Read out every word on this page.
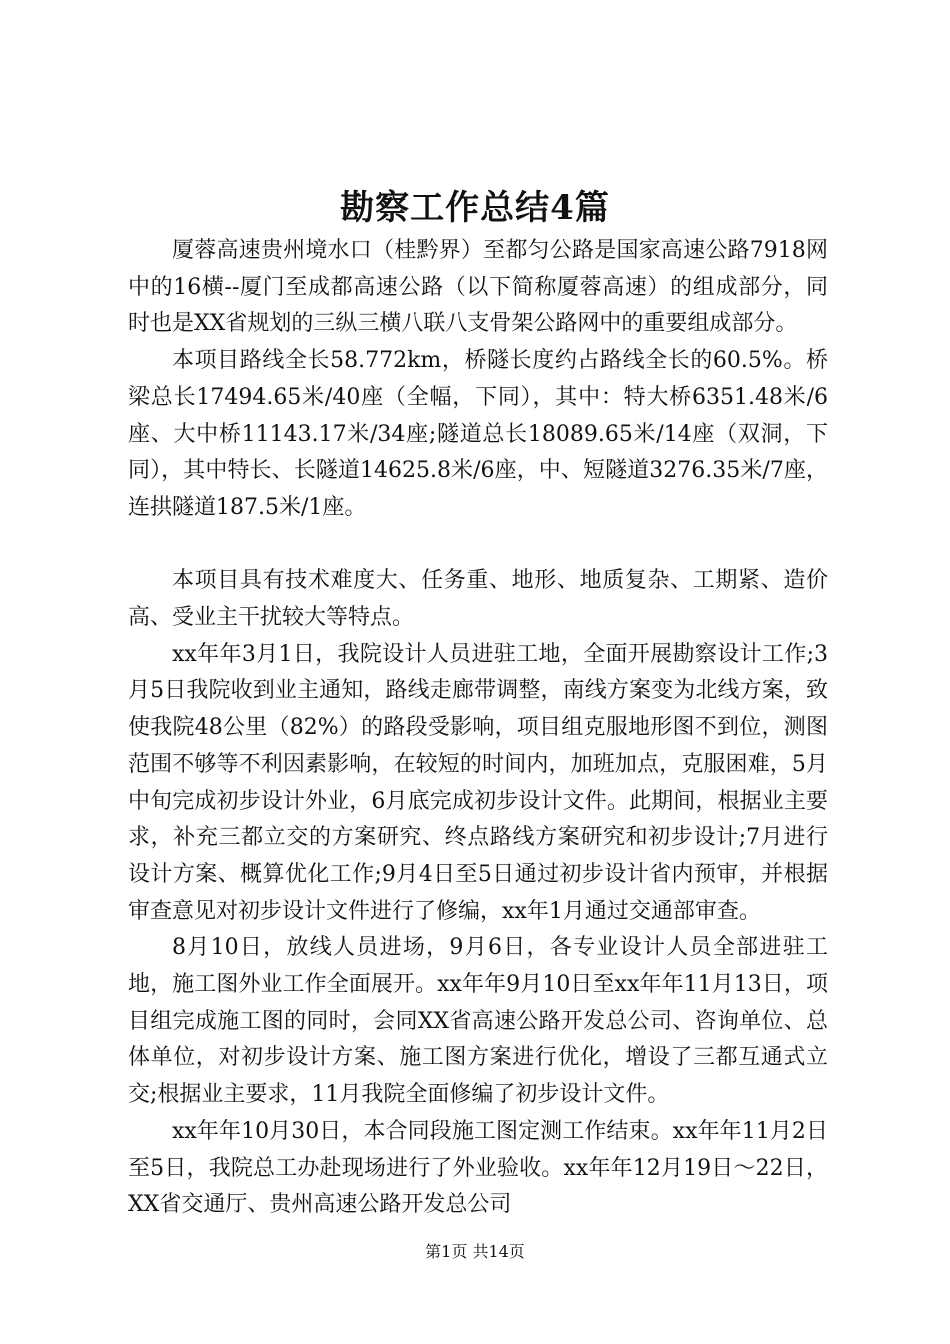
勘察工作总结4篇

厦蓉高速贵州境水口（桂黔界）至都匀公路是国家高速公路7918网中的16横--厦门至成都高速公路（以下简称厦蓉高速）的组成部分，同时也是XX省规划的三纵三横八联八支骨架公路网中的重要组成部分。

本项目路线全长58.772km，桥隧长度约占路线全长的60.5%。桥梁总长17494.65米/40座（全幅，下同），其中：特大桥6351.48米/6座、大中桥11143.17米/34座;隧道总长18089.65米/14座（双洞，下同），其中特长、长隧道14625.8米/6座，中、短隧道3276.35米/7座，连拱隧道187.5米/1座。

本项目具有技术难度大、任务重、地形、地质复杂、工期紧、造价高、受业主干扰较大等特点。

xx年年3月1日，我院设计人员进驻工地，全面开展勘察设计工作;3月5日我院收到业主通知，路线走廊带调整，南线方案变为北线方案，致使我院48公里（82%）的路段受影响，项目组克服地形图不到位，测图范围不够等不利因素影响，在较短的时间内，加班加点，克服困难，5月中旬完成初步设计外业，6月底完成初步设计文件。此期间，根据业主要求，补充三都立交的方案研究、终点路线方案研究和初步设计;7月进行设计方案、概算优化工作;9月4日至5日通过初步设计省内预审，并根据审查意见对初步设计文件进行了修编，xx年1月通过交通部审查。

8月10日，放线人员进场，9月6日，各专业设计人员全部进驻工地，施工图外业工作全面展开。xx年年9月10日至xx年年11月13日，项目组完成施工图的同时，会同XX省高速公路开发总公司、咨询单位、总体单位，对初步设计方案、施工图方案进行优化，增设了三都互通式立交;根据业主要求，11月我院全面修编了初步设计文件。

xx年年10月30日，本合同段施工图定测工作结束。xx年年11月2日至5日，我院总工办赴现场进行了外业验收。xx年年12月19日～22日，XX省交通厅、贵州高速公路开发总公司

第1页 共14页
